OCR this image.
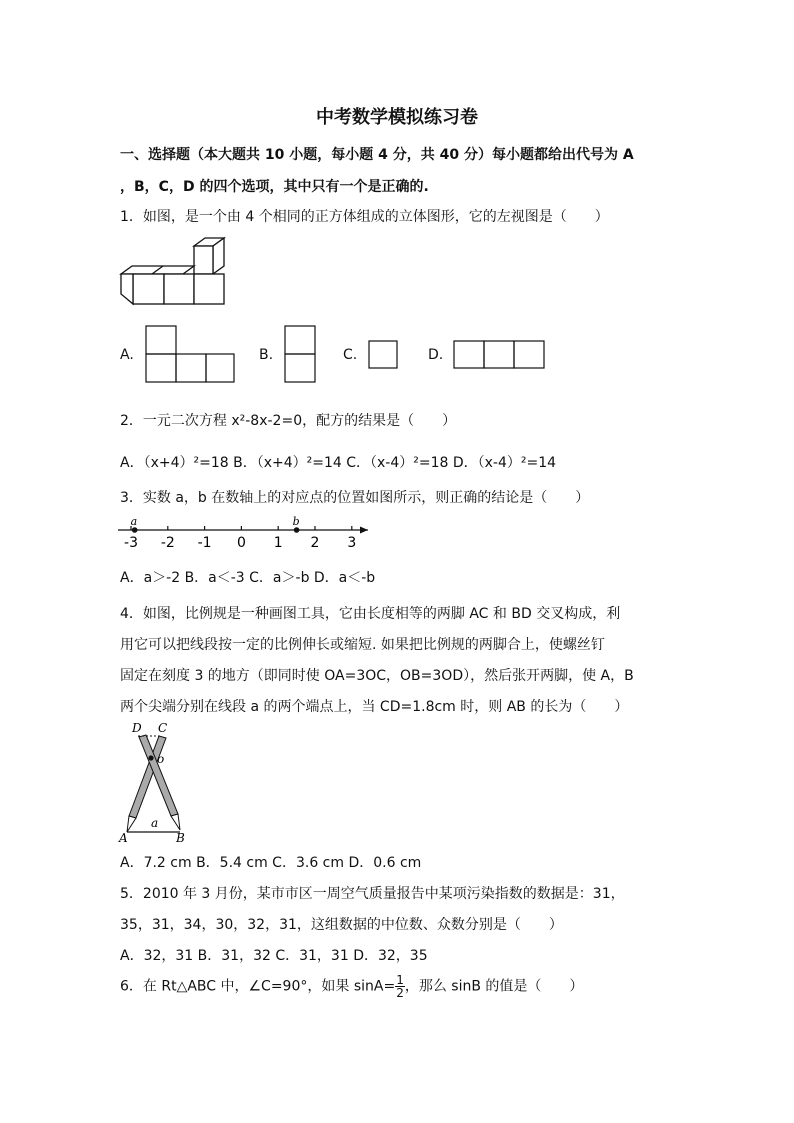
中考数学模拟练习卷
一、选择题（本大题共 10 小题，每小题 4 分，共 40 分）每小题都给出代号为 A
，B，C，D 的四个选项，其中只有一个是正确的.
1．如图，是一个由 4 个相同的正方体组成的立体图形，它的左视图是（　　）
A.	B.	C.	D.
2．一元二次方程 x²-8x-2=0，配方的结果是（　　）
A．（x+4）²=18 B．（x+4）²=14 C．（x-4）²=18 D．（x-4）²=14
3．实数 a，b 在数轴上的对应点的位置如图所示，则正确的结论是（　　）
-3 -2 -1 0 1 2 3
a	b
A．a＞-2 B．a＜-3 C．a＞-b D．a＜-b
4．如图，比例规是一种画图工具，它由长度相等的两脚 AC 和 BD 交叉构成，利
用它可以把线段按一定的比例伸长或缩短. 如果把比例规的两脚合上，使螺丝钉
固定在刻度 3 的地方（即同时使 OA=3OC，OB=3OD），然后张开两脚，使 A，B
两个尖端分别在线段 a 的两个端点上，当 CD=1.8cm 时，则 AB 的长为（　　）
D C
o
a
A	B
A．7.2 cm B．5.4 cm C．3.6 cm D．0.6 cm
5．2010 年 3 月份，某市市区一周空气质量报告中某项污染指数的数据是：31，
35，31，34，30，32，31，这组数据的中位数、众数分别是（　　）
A．32，31 B．31，32 C．31，31 D．32，35
6．在 Rt△ABC 中，∠C=90°，如果 $\sin A= \frac{1}{2}$ ，那么 sinB 的值是（　　）
